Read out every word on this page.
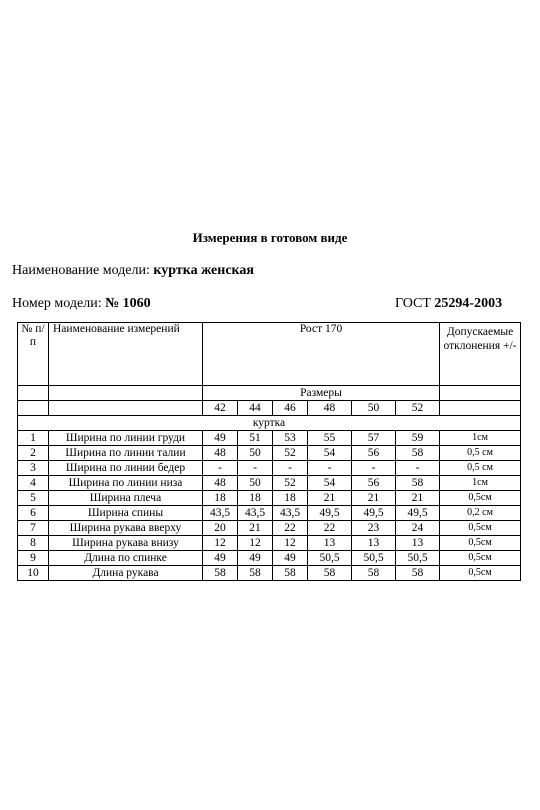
Измерения в готовом виде
Наименование модели: куртка женская
Номер модели: № 1060	ГОСТ 25294-2003
№ п/п	Наименование измерений	Рост 170						Допускаемые отклонения +/-
		Размеры						
		42	44	46	48	50	52	
куртка								
1	Ширина по линии груди	49	51	53	55	57	59	1см
2	Ширина по линии талии	48	50	52	54	56	58	0,5 см
3	Ширина по линии бедер	-	-	-	-	-	-	0,5 см
4	Ширина по линии низа	48	50	52	54	56	58	1см
5	Ширина плеча	18	18	18	21	21	21	0,5см
6	Ширина спины	43,5	43,5	43,5	49,5	49,5	49,5	0,2 см
7	Ширина рукава вверху	20	21	22	22	23	24	0,5см
8	Ширина рукава внизу	12	12	12	13	13	13	0,5см
9	Длина по спинке	49	49	49	50,5	50,5	50,5	0,5см
10	Длина рукава	58	58	58	58	58	58	0,5см
